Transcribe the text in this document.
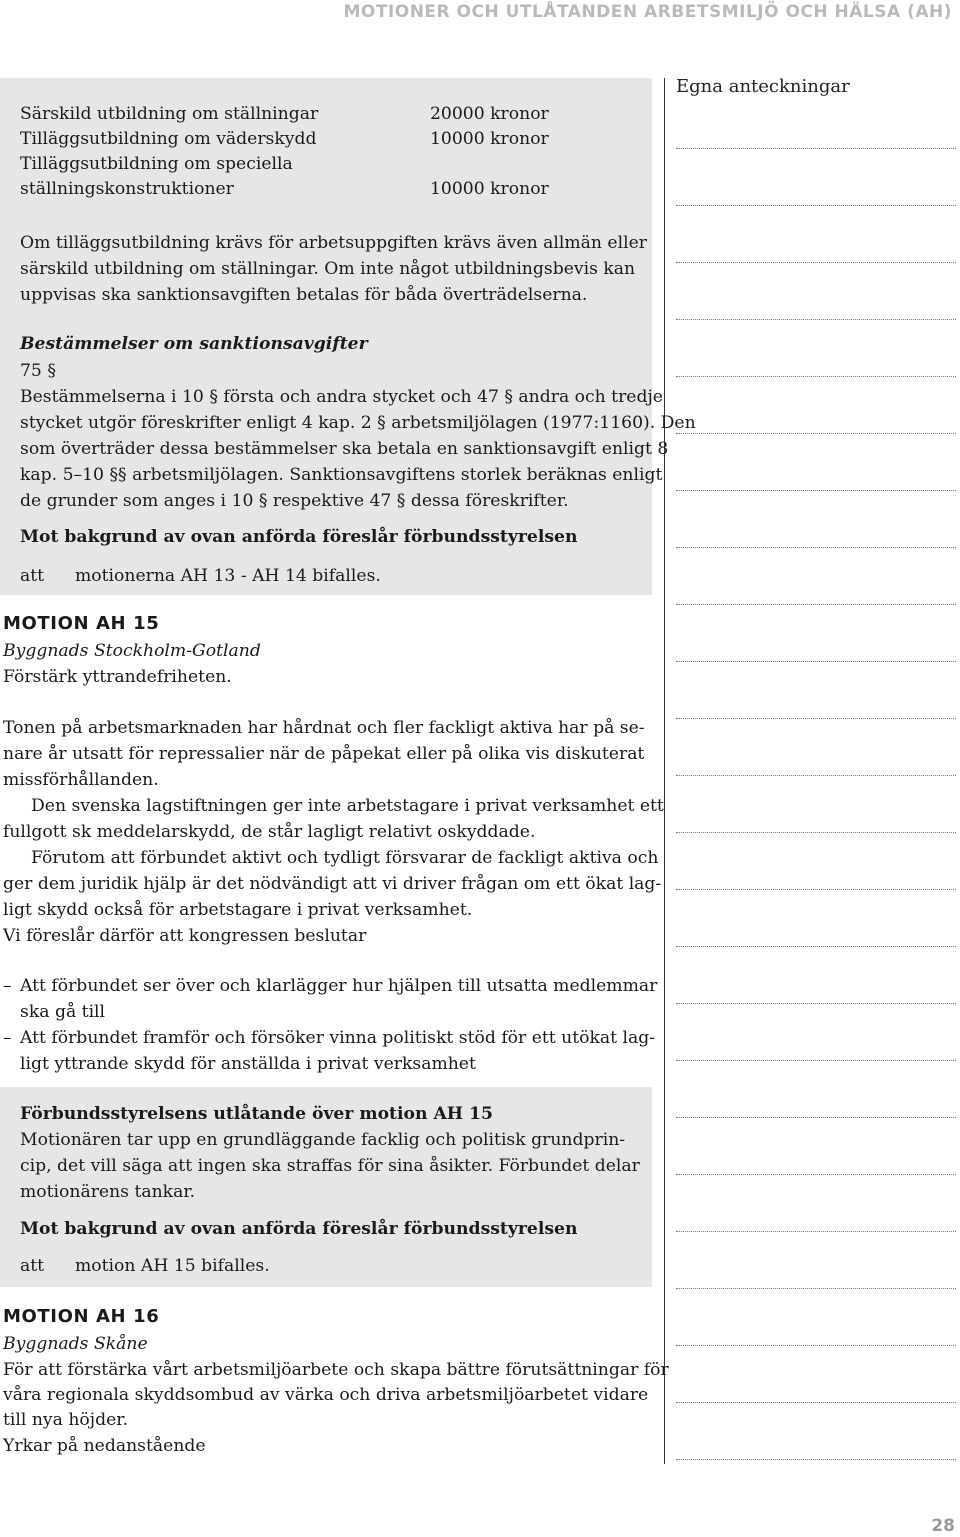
MOTIONER OCH UTLÅTANDEN ARBETSMILJÖ OCH HÄLSA (AH)
Egna anteckningar
Särskild utbildning om ställningar	20000 kronor
Tilläggsutbildning om väderskydd	10000 kronor
Tilläggsutbildning om speciella
ställningskonstruktioner	10000 kronor
Om tilläggsutbildning krävs för arbetsuppgiften krävs även allmän eller
särskild utbildning om ställningar. Om inte något utbildningsbevis kan
uppvisas ska sanktionsavgiften betalas för båda överträdelserna.
Bestämmelser om sanktionsavgifter
75 §
Bestämmelserna i 10 § första och andra stycket och 47 § andra och tredje
stycket utgör föreskrifter enligt 4 kap. 2 § arbetsmiljölagen (1977:1160). Den
som överträder dessa bestämmelser ska betala en sanktionsavgift enligt 8
kap. 5–10 §§ arbetsmiljölagen. Sanktionsavgiftens storlek beräknas enligt
de grunder som anges i 10 § respektive 47 § dessa föreskrifter.
Mot bakgrund av ovan anförda föreslår förbundsstyrelsen
att motionerna AH 13 - AH 14 bifalles.
MOTION AH 15
Byggnads Stockholm-Gotland
Förstärk yttrandefriheten.
Tonen på arbetsmarknaden har hårdnat och fler fackligt aktiva har på se-
nare år utsatt för repressalier när de påpekat eller på olika vis diskuterat
missförhållanden.
Den svenska lagstiftningen ger inte arbetstagare i privat verksamhet ett
fullgott sk meddelarskydd, de står lagligt relativt oskyddade.
Förutom att förbundet aktivt och tydligt försvarar de fackligt aktiva och
ger dem juridik hjälp är det nödvändigt att vi driver frågan om ett ökat lag-
ligt skydd också för arbetstagare i privat verksamhet.
Vi föreslår därför att kongressen beslutar
– Att förbundet ser över och klarlägger hur hjälpen till utsatta medlemmar
ska gå till
– Att förbundet framför och försöker vinna politiskt stöd för ett utökat lag-
ligt yttrande skydd för anställda i privat verksamhet
Förbundsstyrelsens utlåtande över motion AH 15
Motionären tar upp en grundläggande facklig och politisk grundprin-
cip, det vill säga att ingen ska straffas för sina åsikter. Förbundet delar
motionärens tankar.
Mot bakgrund av ovan anförda föreslår förbundsstyrelsen
att motion AH 15 bifalles.
MOTION AH 16
Byggnads Skåne
För att förstärka vårt arbetsmiljöarbete och skapa bättre förutsättningar för
våra regionala skyddsombud av värka och driva arbetsmiljöarbetet vidare
till nya höjder.
Yrkar på nedanstående
28
